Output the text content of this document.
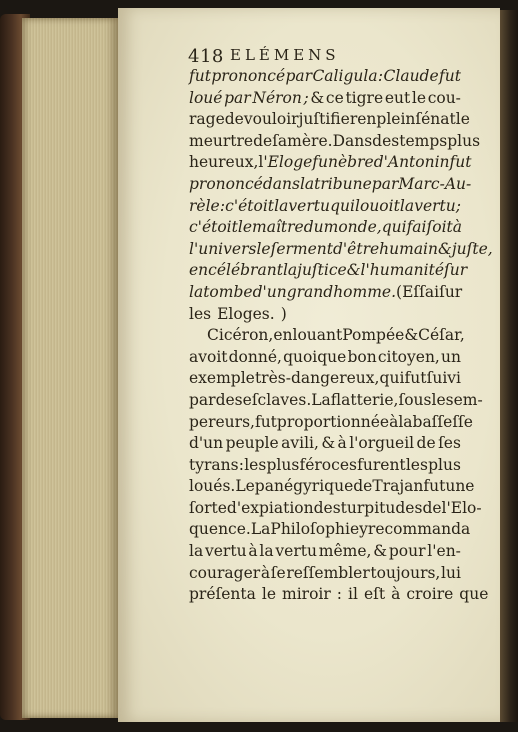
418 ELÉMENS
fut prononcé par Caligula : Claude fut
loué par Néron ; & ce tigre eut le cou-
rage de vouloir juſtifier en plein ſénat le
meurtre de ſa mère. Dans des temps plus
heureux, l' Eloge funèbre d'Antonin fut
prononcé dans la tribune par Marc-Au-
rèle : c'étoit la vertu qui louoit la vertu;
c'étoit le maître du monde, qui faiſoit à
l'univers le ſerment d'être humain & juſte,
en célébrant la juſtice & l'humanité ſur
la tombe d'un grand homme. ( Eſſai ſur
les Eloges. )
Cicéron, en louant Pompée & Céſar,
avoit donné, quoique bon citoyen, un
exemple très-dangereux, qui fut ſuivi
par des eſclaves. La flatterie, ſous les em-
pereurs, fut proportionnée à la baſſeſſe
d'un peuple avili, & à l'orgueil de ſes
tyrans : les plus féroces furent les plus
loués. Le panégyrique de Trajan fut une
ſorte d'expiation des turpitudes de l'Elo-
quence. La Philoſophie y recommanda
la vertu à la vertu même, & pour l'en-
courager à ſe reſſembler toujours, lui
préſenta le miroir : il eſt à croire que
